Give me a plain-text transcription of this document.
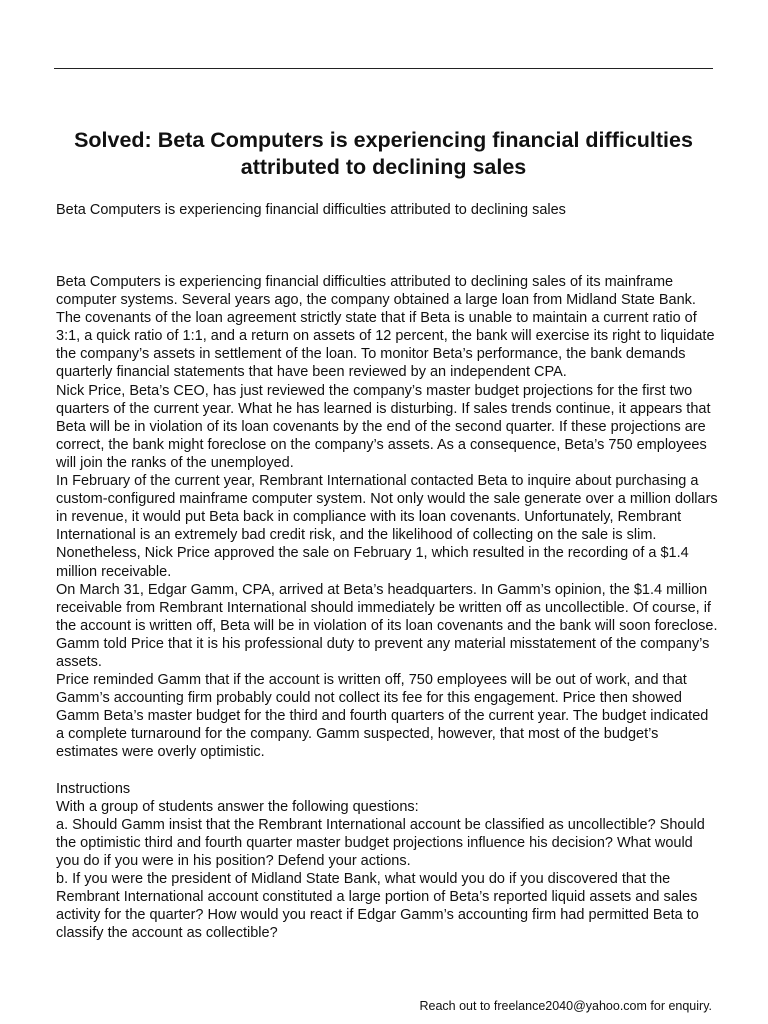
Solved: Beta Computers is experiencing financial difficulties attributed to declining sales

Beta Computers is experiencing financial difficulties attributed to declining sales

Beta Computers is experiencing financial difficulties attributed to declining sales of its mainframe computer systems. Several years ago, the company obtained a large loan from Midland State Bank. The covenants of the loan agreement strictly state that if Beta is unable to maintain a current ratio of 3:1, a quick ratio of 1:1, and a return on assets of 12 percent, the bank will exercise its right to liquidate the company’s assets in settlement of the loan. To monitor Beta’s performance, the bank demands quarterly financial statements that have been reviewed by an independent CPA.

Nick Price, Beta’s CEO, has just reviewed the company’s master budget projections for the first two quarters of the current year. What he has learned is disturbing. If sales trends continue, it appears that Beta will be in violation of its loan covenants by the end of the second quarter. If these projections are correct, the bank might foreclose on the company’s assets. As a consequence, Beta’s 750 employees will join the ranks of the unemployed.

In February of the current year, Rembrant International contacted Beta to inquire about purchasing a custom-configured mainframe computer system. Not only would the sale generate over a million dollars in revenue, it would put Beta back in compliance with its loan covenants. Unfortunately, Rembrant International is an extremely bad credit risk, and the likelihood of collecting on the sale is slim. Nonetheless, Nick Price approved the sale on February 1, which resulted in the recording of a $1.4 million receivable.

On March 31, Edgar Gamm, CPA, arrived at Beta’s headquarters. In Gamm’s opinion, the $1.4 million receivable from Rembrant International should immediately be written off as uncollectible. Of course, if the account is written off, Beta will be in violation of its loan covenants and the bank will soon foreclose. Gamm told Price that it is his professional duty to prevent any material misstatement of the company’s assets.

Price reminded Gamm that if the account is written off, 750 employees will be out of work, and that Gamm’s accounting firm probably could not collect its fee for this engagement. Price then showed Gamm Beta’s master budget for the third and fourth quarters of the current year. The budget indicated a complete turnaround for the company. Gamm suspected, however, that most of the budget’s estimates were overly optimistic.

Instructions

With a group of students answer the following questions:

a. Should Gamm insist that the Rembrant International account be classified as uncollectible? Should the optimistic third and fourth quarter master budget projections influence his decision? What would you do if you were in his position? Defend your actions.

b. If you were the president of Midland State Bank, what would you do if you discovered that the Rembrant International account constituted a large portion of Beta’s reported liquid assets and sales activity for the quarter? How would you react if Edgar Gamm’s accounting firm had permitted Beta to classify the account as collectible?

Reach out to freelance2040@yahoo.com for enquiry.
